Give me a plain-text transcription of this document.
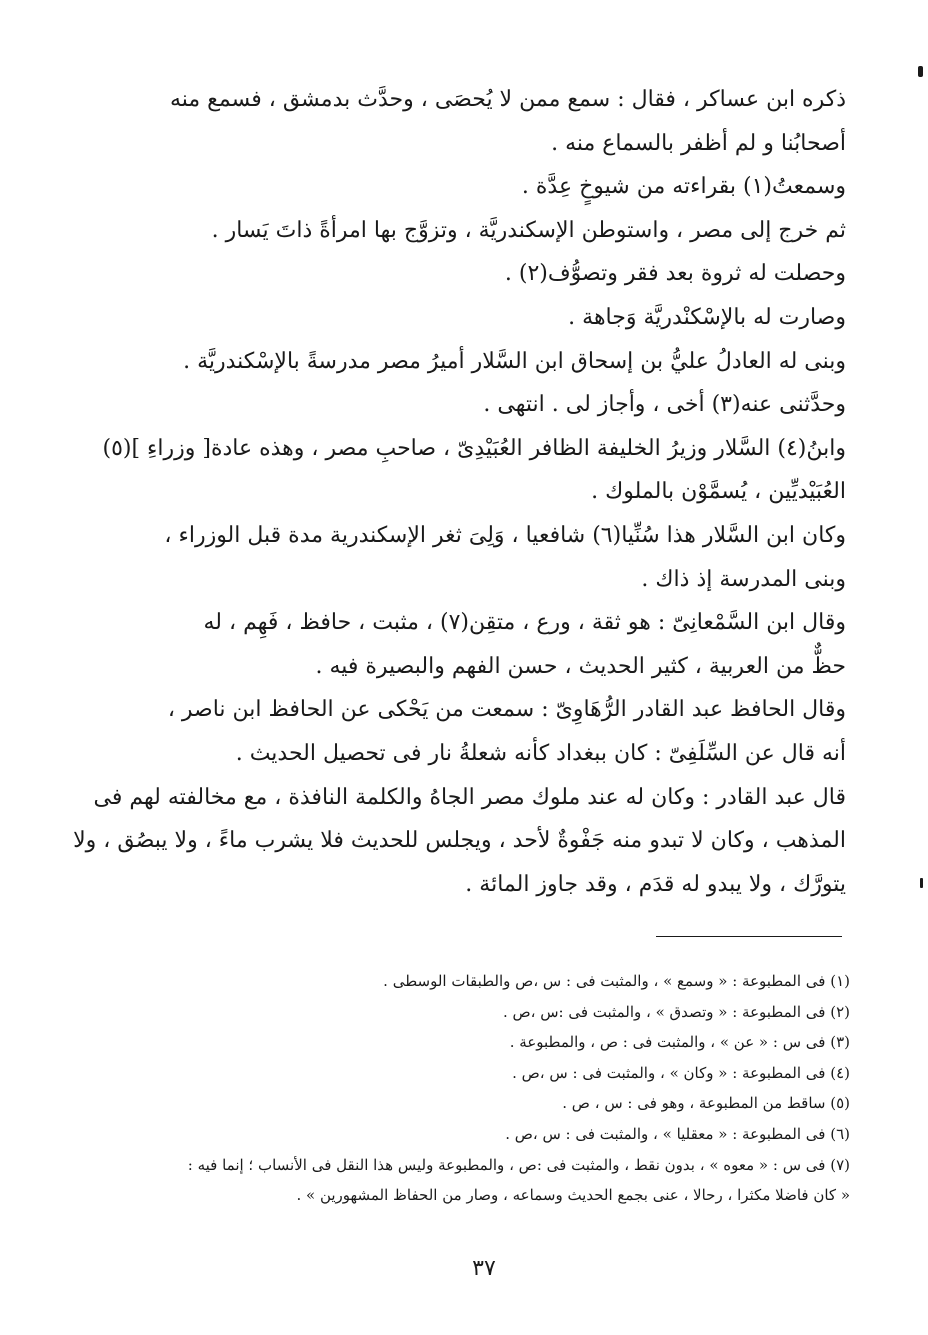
ذكره ابن عساكر ، فقال : سمع ممن لا يُحصَى ، وحدَّث بدمشق ، فسمع منه
أصحابُنا و لم أظفر بالسماع منه .
وسمعتُ(١) بقراءته من شيوخٍ عِدَّة .
ثم خرج إلى مصر ، واستوطن الإسكندريَّة ، وتزوَّج بها امرأةً ذاتَ يَسار .
وحصلت له ثروة بعد فقر وتصوُّف(٢) .
وصارت له بالإسْكنْدريَّة وَجاهة .
وبنى له العادلُ عليُّ بن إسحاق ابن السَّلار أميرُ مصر مدرسةً بالإسْكندريَّة .
وحدَّثنى عنه(٣) أخى ، وأجاز لى . انتهى .
وابنُ(٤) السَّلار وزيرُ الخليفة الظافر العُبَيْدِىّ ، صاحبِ مصر ، وهذه عادة[ وزراءِ ](٥)
العُبَيْديِّين ، يُسمَّوْن بالملوك .
وكان ابن السَّلار هذا سُنِّيا(٦) شافعيا ، وَلِىَ ثغر الإسكندرية مدة قبل الوزراء ،
وبنى المدرسة إذ ذاك .
وقال ابن السَّمْعانِىّ : هو ثقة ، ورع ، متقِن(٧) ، مثبت ، حافظ ، فَهِم ، له
حظٌّ من العربية ، كثير الحديث ، حسن الفهم والبصيرة فيه .
وقال الحافظ عبد القادر الرُّهَاوِىّ : سمعت من يَحْكى عن الحافظ ابن ناصر ،
أنه قال عن السِّلَفِىّ : كان ببغداد كأنه شعلةُ نار فى تحصيل الحديث .
قال عبد القادر : وكان له عند ملوك مصر الجاهُ والكلمة النافذة ، مع مخالفته لهم فى
المذهب ، وكان لا تبدو منه جَفْوةٌ لأحد ، ويجلس للحديث فلا يشرب ماءً ، ولا يبصُق ، ولا
يتورَّك ، ولا يبدو له قدَم ، وقد جاوز المائة .
(١) فى المطبوعة : « وسمع » ، والمثبت فى : س ،ص والطبقات الوسطى .
(٢) فى المطبوعة : « وتصدق » ، والمثبت فى :س ،ص .
(٣) فى س : « عن » ، والمثبت فى : ص ، والمطبوعة .
(٤) فى المطبوعة : « وكان » ، والمثبت فى : س ،ص .
(٥) ساقط من المطبوعة ، وهو فى : س ، ص .
(٦) فى المطبوعة : « معقليا » ، والمثبت فى : س ،ص .
(٧) فى س : « معوه » ، بدون نقط ، والمثبت فى :ص ، والمطبوعة وليس هذا النقل فى الأنساب ؛ إنما فيه :
« كان فاضلا مكثرا ، رحالا ، عنى بجمع الحديث وسماعه ، وصار من الحفاظ المشهورين » .
٣٧
